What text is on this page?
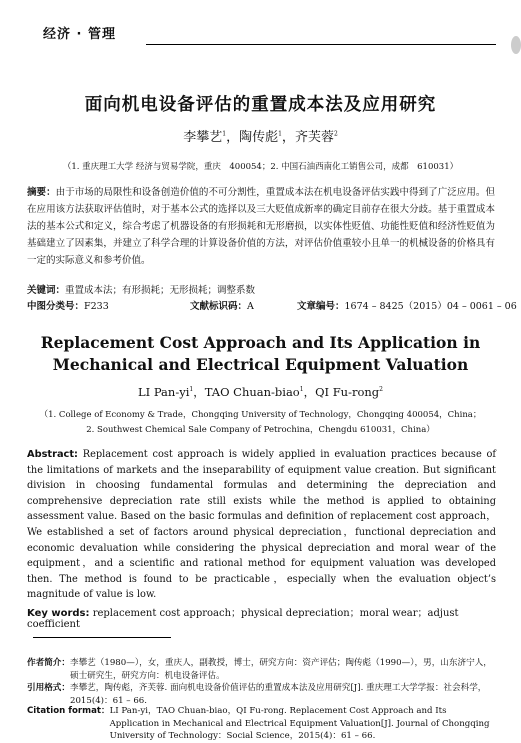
经济 · 管理
面向机电设备评估的重置成本法及应用研究
李攀艺$^1$，陶传彪$^1$，齐芙蓉$^2$
（1. 重庆理工大学 经济与贸易学院，重庆　400054；2. 中国石油西南化工销售公司，成都　610031）
摘要：由于市场的局限性和设备创造价值的不可分割性，重置成本法在机电设备评估实践中得到了广泛应用。但在应用该方法获取评估值时，对于基本公式的选择以及三大贬值成新率的确定目前存在很大分歧。基于重置成本法的基本公式和定义，综合考虑了机器设备的有形损耗和无形磨损，以实体性贬值、功能性贬值和经济性贬值为基础建立了因素集，并建立了科学合理的计算设备价值的方法，对评估价值重较小且单一的机械设备的价格具有一定的实际意义和参考价值。
关键词：重置成本法；有形损耗；无形损耗；调整系数
中图分类号：F233	文献标识码：A	文章编号：1674 – 8425（2015）04 – 0061 – 06
Replacement Cost Approach and Its Application in
Mechanical and Electrical Equipment Valuation
LI Pan-$yi^1$，TAO Chuan-biao$^1$，QI Fu-rong$^2$
（1. College of Economy & Trade，Chongqing University of Technology，Chongqing 400054，China；
2. Southwest Chemical Sale Company of Petrochina，Chengdu 610031，China）
Abstract: Replacement cost approach is widely applied in evaluation practices because of the limitations of markets and the inseparability of equipment value creation. But significant division in choosing fundamental formulas and determining the depreciation and comprehensive depreciation rate still exists while the method is applied to obtaining assessment value. Based on the basic formulas and definition of replacement cost approach，We established a set of factors around physical depreciation，functional depreciation and economic devaluation while considering the physical depreciation and moral wear of the equipment，and a scientific and rational method for equipment valuation was developed then. The method is found to be practicable，especially when the evaluation object’s magnitude of value is low.
Key words: replacement cost approach；physical depreciation；moral wear；adjust coefficient
作者简介： 李攀艺（1980—），女，重庆人，副教授，博士，研究方向：资产评估；陶传彪（1990—），男，山东济宁人，硕士研究生，研究方向：机电设备评估。
引用格式： 李攀艺，陶传彪，齐芙蓉. 面向机电设备价值评估的重置成本法及应用研究[J]. 重庆理工大学学报：社会科学，2015(4)：61 – 66.
Citation format： LI Pan-yi，TAO Chuan-biao，QI Fu-rong. Replacement Cost Approach and Its Application in Mechanical and Electrical Equipment Valuation[J]. Journal of Chongqing University of Technology：Social Science，2015(4)：61 – 66.
